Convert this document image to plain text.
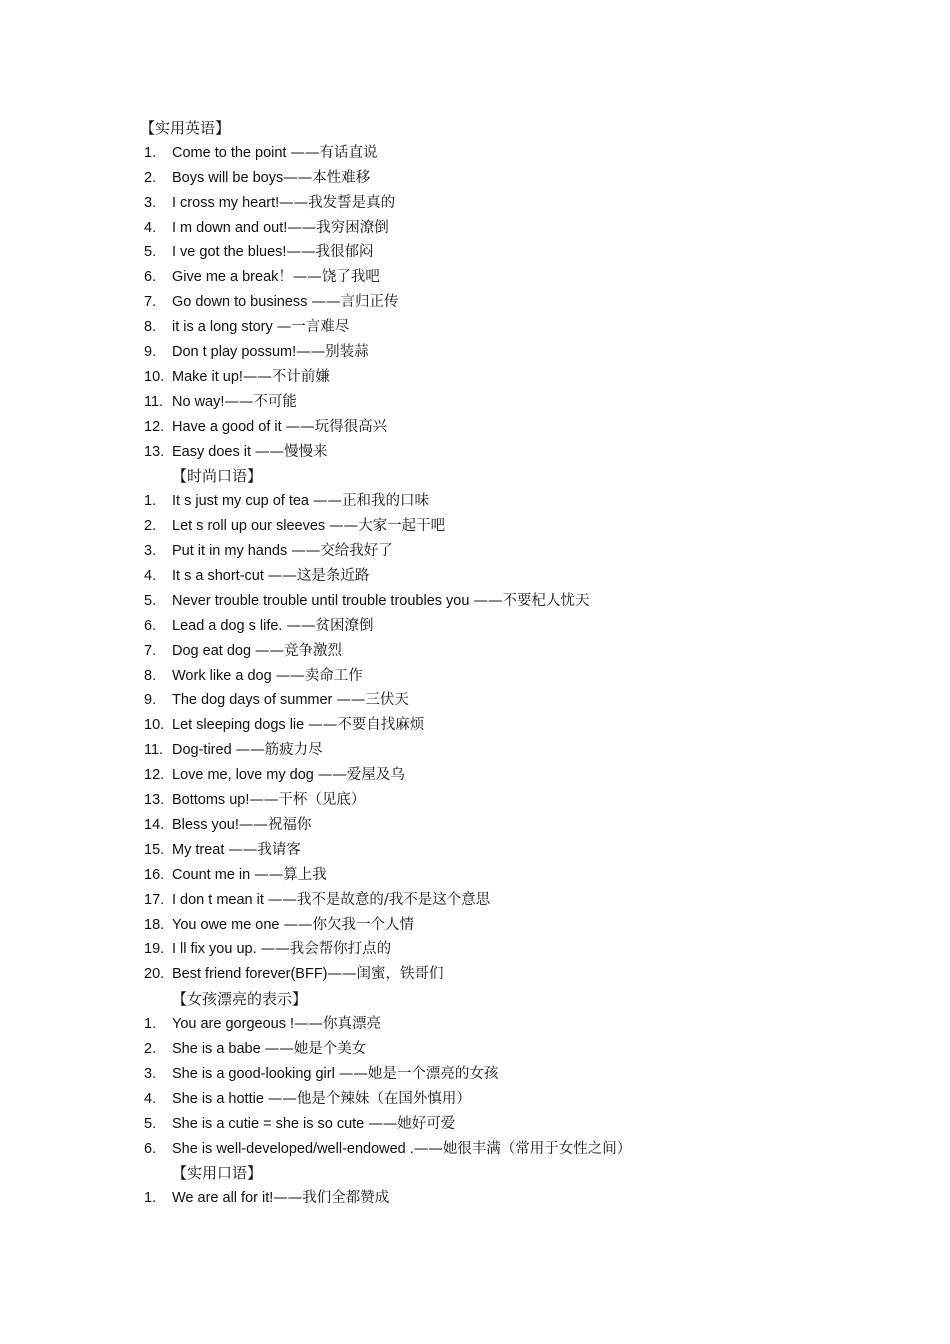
【实用英语】
1.	Come to the point ——有话直说
2.	Boys will be boys——本性难移
3.	I cross my heart!——我发誓是真的
4.	I m down and out!——我穷困潦倒
5.	I ve got the blues!——我很郁闷
6.	Give me a break！——饶了我吧
7.	Go down to business ——言归正传
8.	it is a long story —一言难尽
9.	Don t play possum!——别装蒜
10. Make it up!——不计前嫌
11. No way!——不可能
12. Have a good of it ——玩得很高兴
13. Easy does it ——慢慢来
【时尚口语】
1.	It s just my cup of tea ——正和我的口味
2.	Let s roll up our sleeves ——大家一起干吧
3.	Put it in my hands ——交给我好了
4.	It s a short-cut ——这是条近路
5.	Never trouble trouble until trouble troubles you ——不要杞人忧天
6.	Lead a dog s life. ——贫困潦倒
7.	Dog eat dog ——竞争激烈
8.	Work like a dog ——卖命工作
9.	The dog days of summer ——三伏天
10. Let sleeping dogs lie ——不要自找麻烦
11. Dog-tired ——筋疲力尽
12. Love me, love my dog ——爱屋及乌
13. Bottoms up!——干杯（见底）
14. Bless you!——祝福你
15. My treat ——我请客
16. Count me in ——算上我
17. I don t mean it ——我不是故意的/我不是这个意思
18. You owe me one ——你欠我一个人情
19. I ll fix you up. ——我会帮你打点的
20. Best friend forever(BFF)——闺蜜，铁哥们
【女孩漂亮的表示】
1.	You are gorgeous !——你真漂亮
2.	She is a babe ——她是个美女
3.	She is a good-looking girl ——她是一个漂亮的女孩
4.	She is a hottie ——他是个辣妹（在国外慎用）
5.	She is a cutie = she is so cute ——她好可爱
6.	She is well-developed/well-endowed .——她很丰满（常用于女性之间）
【实用口语】
1.	We are all for it!——我们全都赞成
